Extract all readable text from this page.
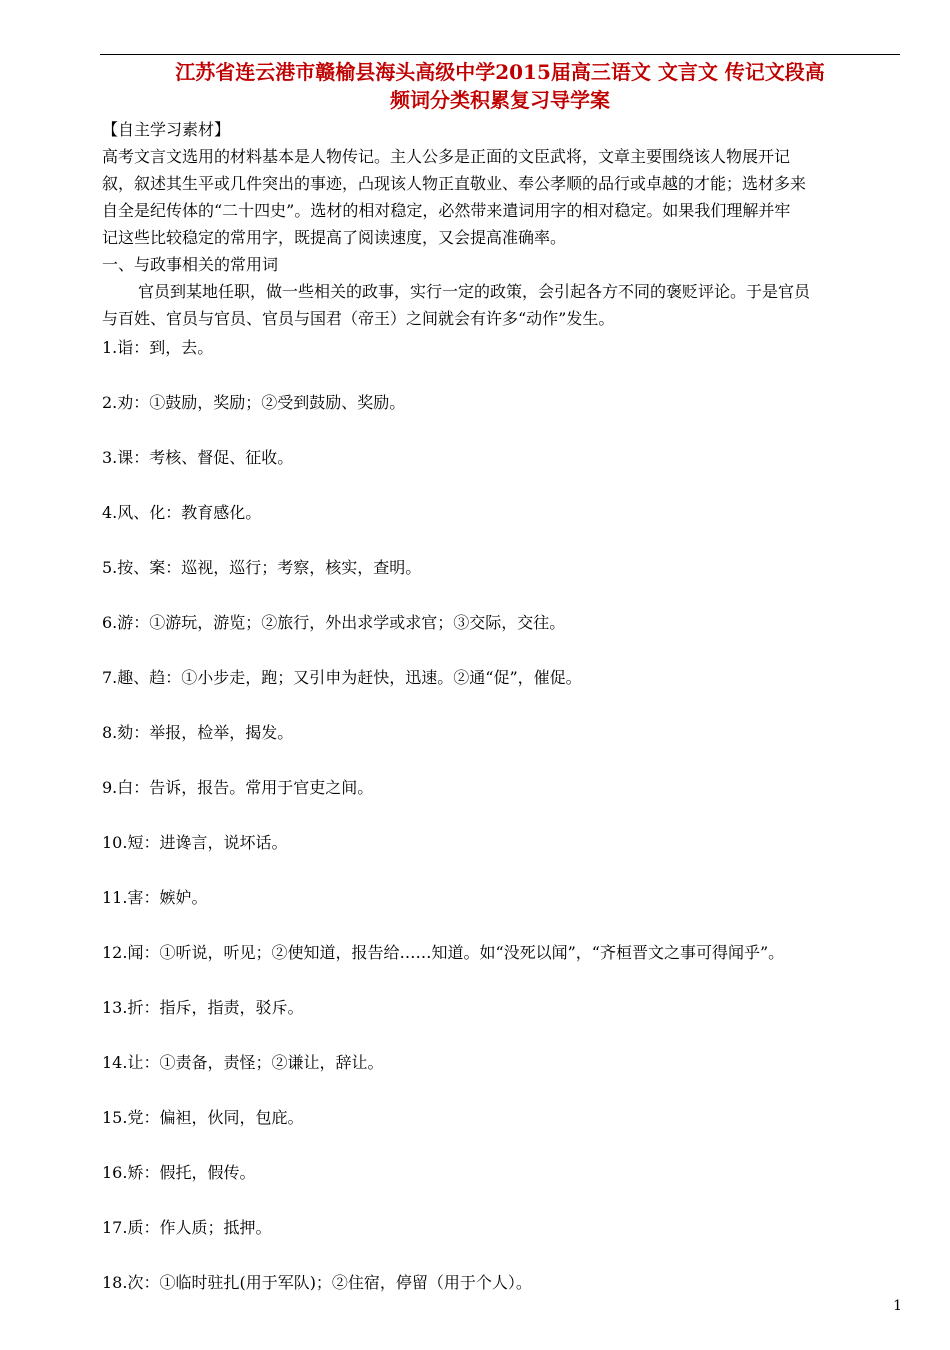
江苏省连云港市赣榆县海头高级中学2015届高三语文 文言文 传记文段高
频词分类积累复习导学案

【自主学习素材】

高考文言文选用的材料基本是人物传记。主人公多是正面的文臣武将，文章主要围绕该人物展开记

叙，叙述其生平或几件突出的事迹，凸现该人物正直敬业、奉公孝顺的品行或卓越的才能；选材多来

自全是纪传体的“二十四史”。选材的相对稳定，必然带来遣词用字的相对稳定。如果我们理解并牢

记这些比较稳定的常用字，既提高了阅读速度，又会提高准确率。

一、与政事相关的常用词

官员到某地任职，做一些相关的政事，实行一定的政策，会引起各方不同的褒贬评论。于是官员

与百姓、官员与官员、官员与国君（帝王）之间就会有许多“动作”发生。

1.诣：到，去。
2.劝：①鼓励，奖励；②受到鼓励、奖励。
3.课：考核、督促、征收。
4.风、化：教育感化。
5.按、案：巡视，巡行；考察，核实，查明。
6.游：①游玩，游览；②旅行，外出求学或求官；③交际，交往。
7.趣、趋：①小步走，跑；又引申为赶快，迅速。②通“促”，催促。
8.劾：举报，检举，揭发。
9.白：告诉，报告。常用于官吏之间。
10.短：进谗言，说坏话。
11.害：嫉妒。
12.闻：①听说，听见；②使知道，报告给……知道。如“没死以闻”，“齐桓晋文之事可得闻乎”。
13.折：指斥，指责，驳斥。
14.让：①责备，责怪；②谦让，辞让。
15.党：偏袒，伙同，包庇。
16.矫：假托，假传。
17.质：作人质；抵押。
18.次：①临时驻扎(用于军队)；②住宿，停留（用于个人）。
1
